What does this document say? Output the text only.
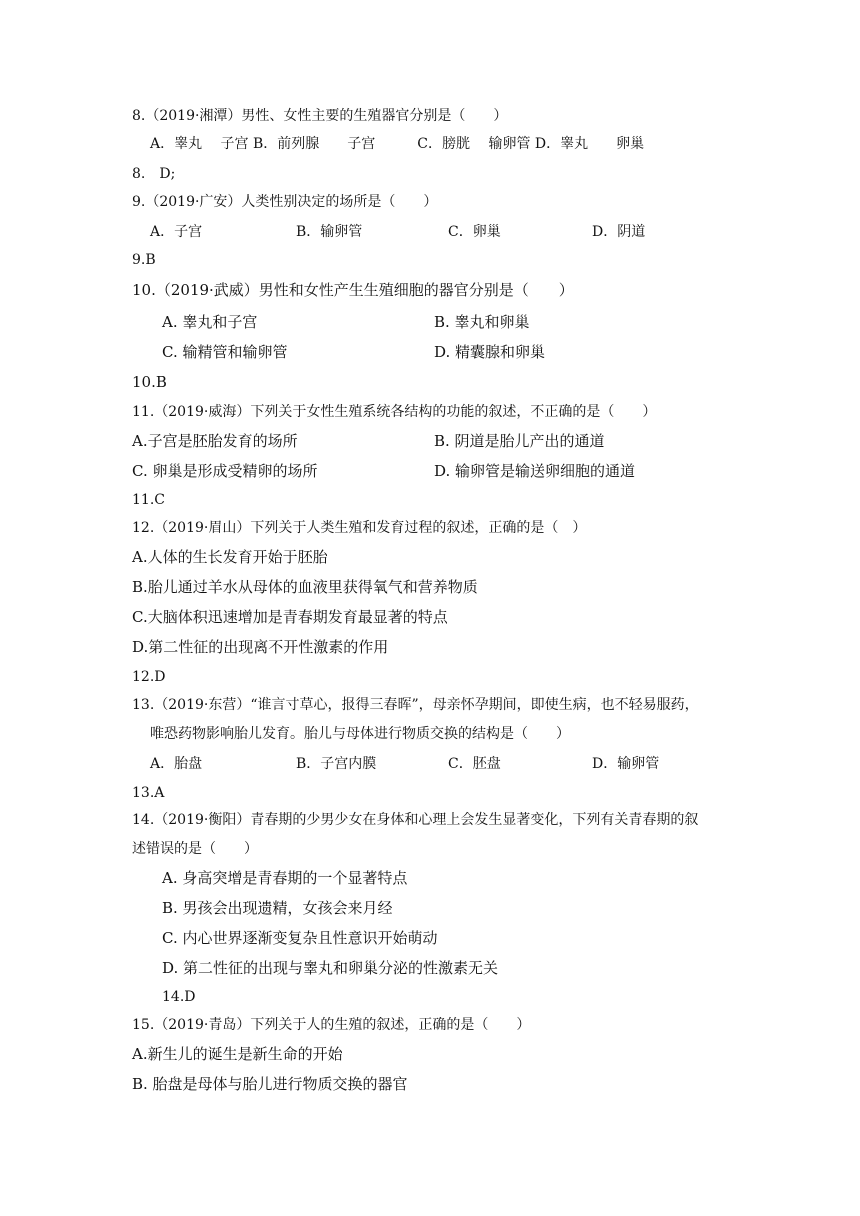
8.（2019·湘潭）男性、女性主要的生殖器官分别是（　　）
A．睾丸　 子宫 B．前列腺　　子宫　　　C．膀胱　 输卵管 D．睾丸　　卵巢
8.　D;
9.（2019·广安）人类性别决定的场所是（　　）
A．子宫	B．输卵管	C．卵巢	D．阴道
9.B
10.（2019·武威）男性和女性产生生殖细胞的器官分别是（　　）
A. 睾丸和子宫	B. 睾丸和卵巢
C. 输精管和输卵管	D. 精囊腺和卵巢
10.B
11.（2019·威海）下列关于女性生殖系统各结构的功能的叙述，不正确的是（　　）
A.子宫是胚胎发育的场所	B. 阴道是胎儿产出的通道
C. 卵巢是形成受精卵的场所	D. 输卵管是输送卵细胞的通道
11.C
12.（2019·眉山）下列关于人类生殖和发育过程的叙述，正确的是（　）
A.人体的生长发育开始于胚胎
B.胎儿通过羊水从母体的血液里获得氧气和营养物质
C.大脑体积迅速增加是青春期发育最显著的特点
D.第二性征的出现离不开性激素的作用
12.D
13.（2019·东营）“谁言寸草心，报得三春晖”，母亲怀孕期间，即使生病，也不轻易服药，
唯恐药物影响胎儿发育。胎儿与母体进行物质交换的结构是（　　）
A．胎盘	B．子宫内膜	C．胚盘	D．输卵管
13.A
14.（2019·衡阳）青春期的少男少女在身体和心理上会发生显著变化，下列有关青春期的叙
述错误的是（　　）
A. 身高突增是青春期的一个显著特点
B. 男孩会出现遗精，女孩会来月经
C. 内心世界逐渐变复杂且性意识开始萌动
D. 第二性征的出现与睾丸和卵巢分泌的性激素无关
14.D
15.（2019·青岛）下列关于人的生殖的叙述，正确的是（　　）
A.新生儿的诞生是新生命的开始
B. 胎盘是母体与胎儿进行物质交换的器官
